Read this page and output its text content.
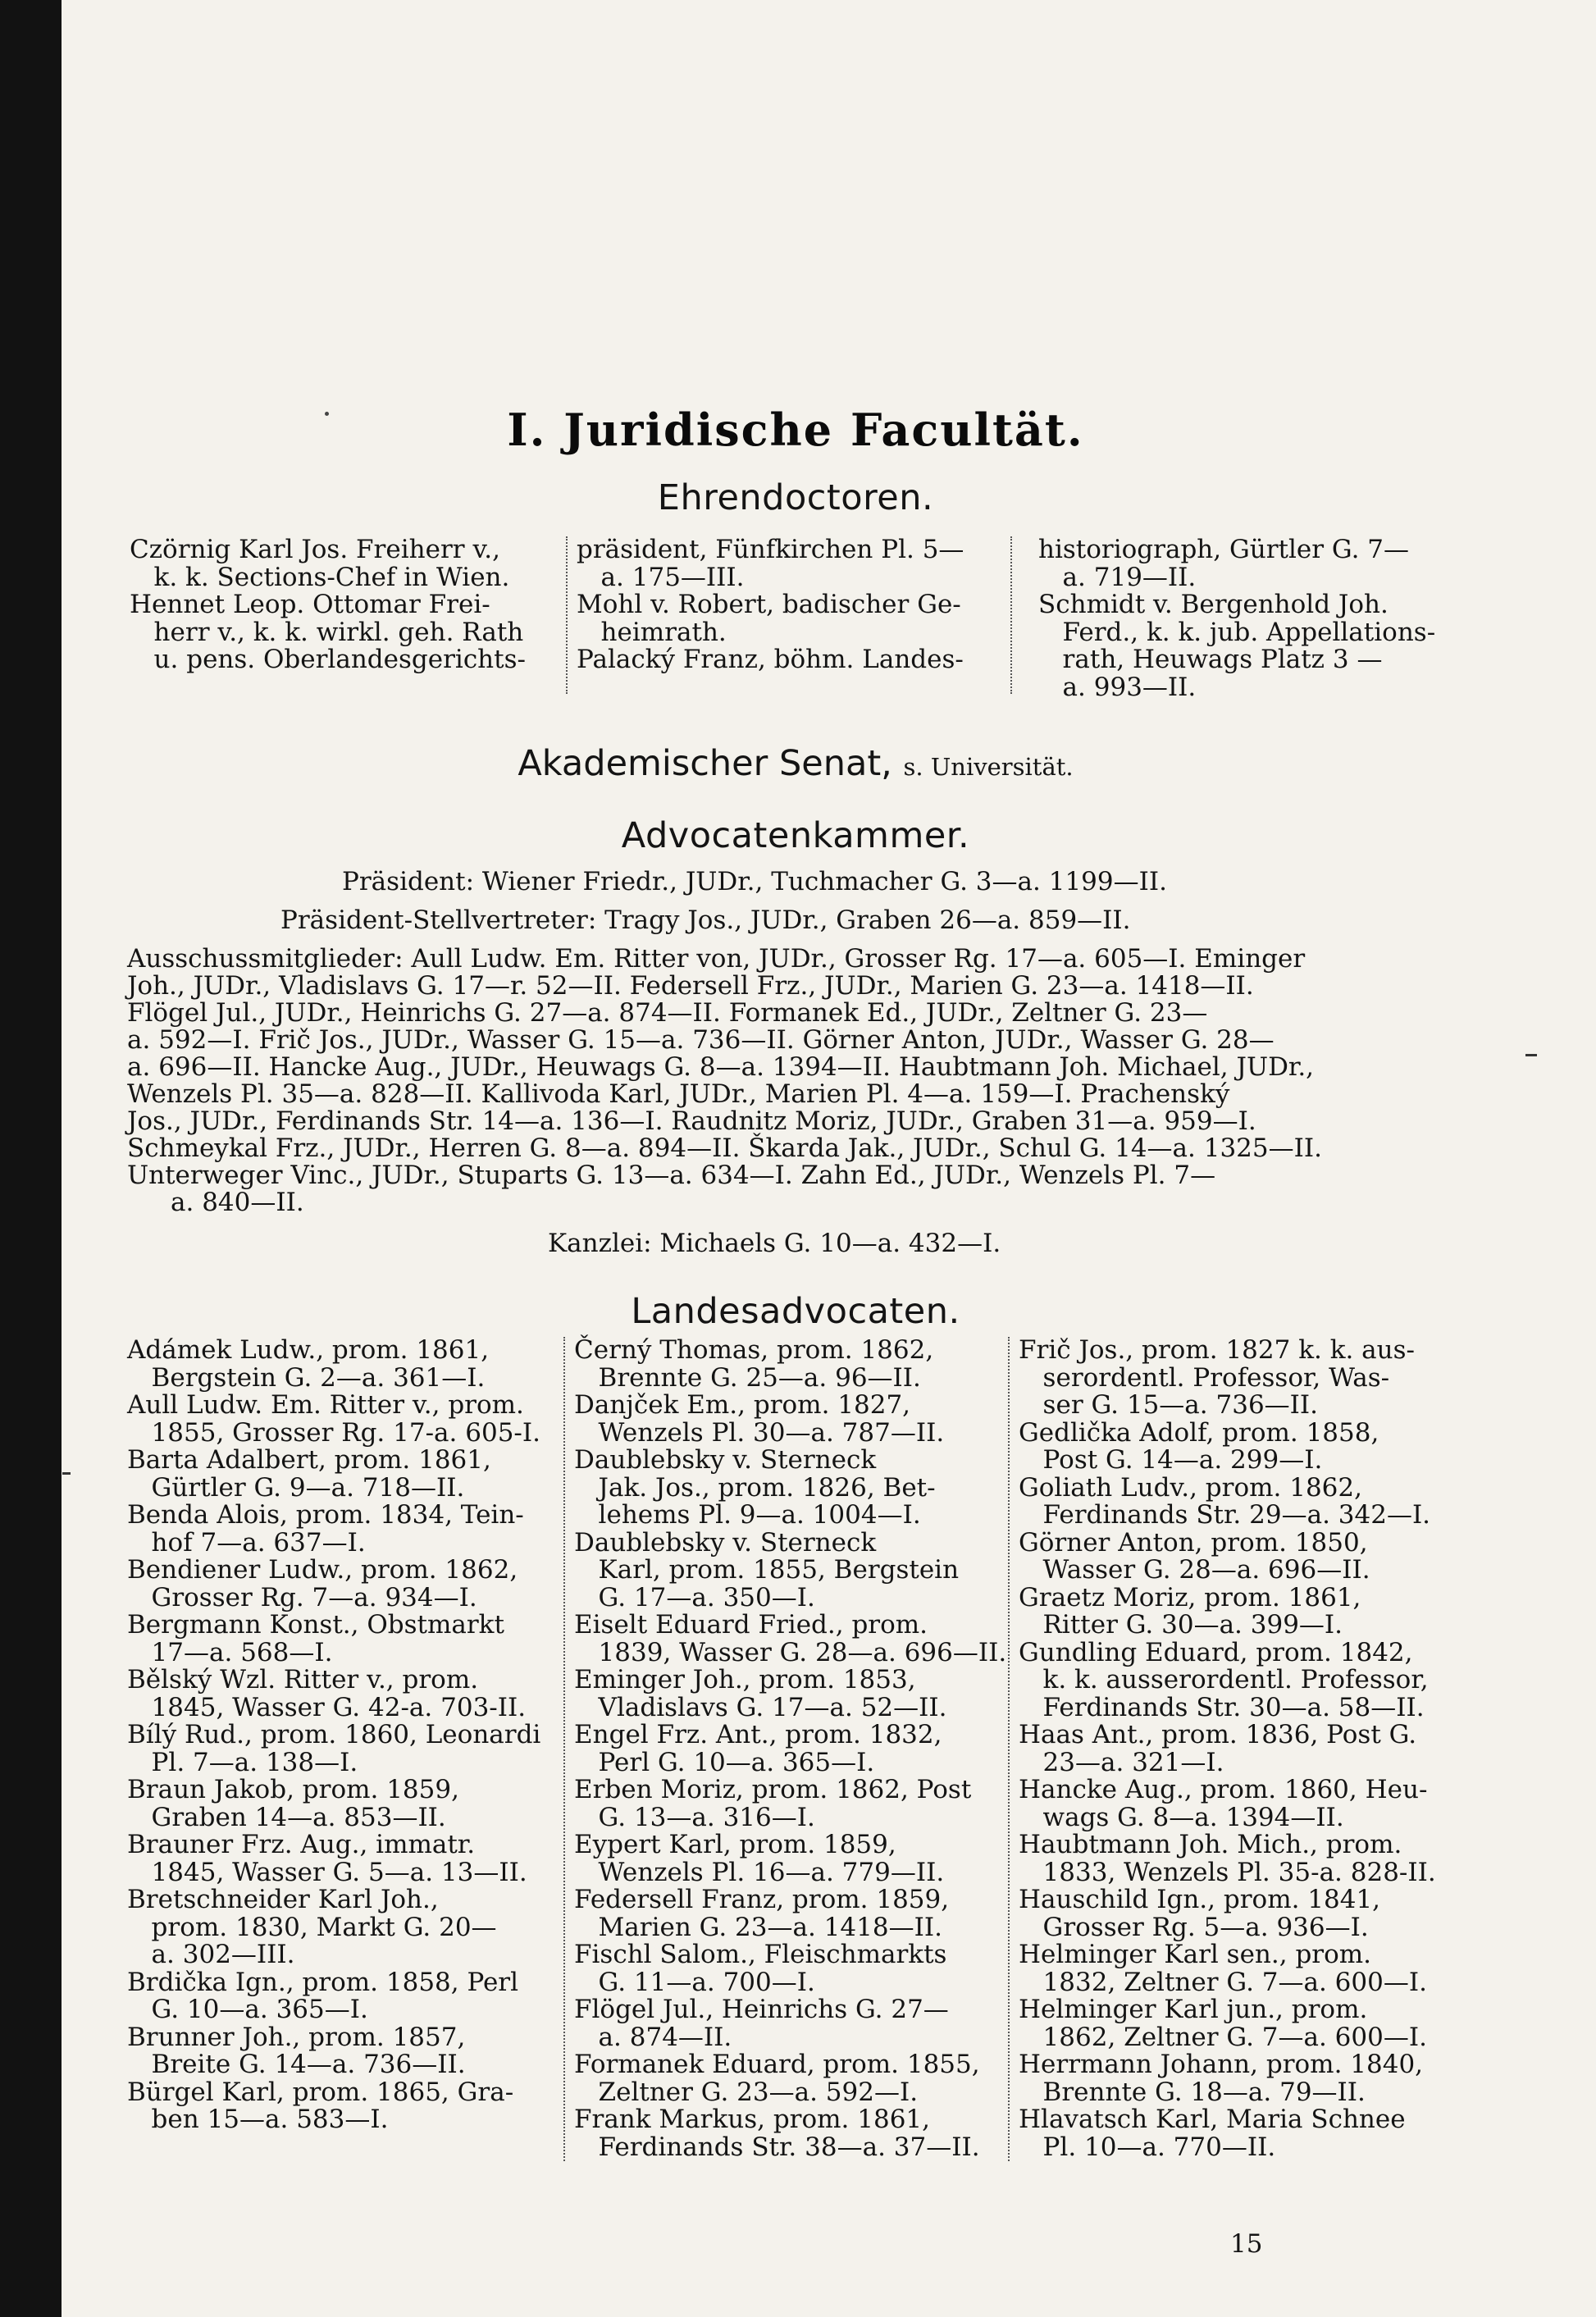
I. Juridische Facultät.
Ehrendoctoren.
Czörnig Karl Jos. Freiherr v.,
k. k. Sections-Chef in Wien.
Hennet Leop. Ottomar Frei-
herr v., k. k. wirkl. geh. Rath
u. pens. Oberlandesgerichts-
präsident, Fünfkirchen Pl. 5—
a. 175—III.
Mohl v. Robert, badischer Ge-
heimrath.
Palacký Franz, böhm. Landes-
historiograph, Gürtler G. 7—
a. 719—II.
Schmidt v. Bergenhold Joh.
Ferd., k. k. jub. Appellations-
rath, Heuwags Platz 3 —
a. 993—II.
Akademischer Senat, s. Universität.
Advocatenkammer.
Präsident: Wiener Friedr., JUDr., Tuchmacher G. 3—a. 1199—II.
Präsident-Stellvertreter: Tragy Jos., JUDr., Graben 26—a. 859—II.
Ausschussmitglieder: Aull Ludw. Em. Ritter von, JUDr., Grosser Rg. 17—a. 605—I. Eminger
Joh., JUDr., Vladislavs G. 17—r. 52—II. Federsell Frz., JUDr., Marien G. 23—a. 1418—II.
Flögel Jul., JUDr., Heinrichs G. 27—a. 874—II. Formanek Ed., JUDr., Zeltner G. 23—
a. 592—I. Frič Jos., JUDr., Wasser G. 15—a. 736—II. Görner Anton, JUDr., Wasser G. 28—
a. 696—II. Hancke Aug., JUDr., Heuwags G. 8—a. 1394—II. Haubtmann Joh. Michael, JUDr.,
Wenzels Pl. 35—a. 828—II. Kallivoda Karl, JUDr., Marien Pl. 4—a. 159—I. Prachenský
Jos., JUDr., Ferdinands Str. 14—a. 136—I. Raudnitz Moriz, JUDr., Graben 31—a. 959—I.
Schmeykal Frz., JUDr., Herren G. 8—a. 894—II. Škarda Jak., JUDr., Schul G. 14—a. 1325—II.
Unterweger Vinc., JUDr., Stuparts G. 13—a. 634—I. Zahn Ed., JUDr., Wenzels Pl. 7—
a. 840—II.
Kanzlei: Michaels G. 10—a. 432—I.
Landesadvocaten.
Adámek Ludw., prom. 1861,
Bergstein G. 2—a. 361—I.
Aull Ludw. Em. Ritter v., prom.
1855, Grosser Rg. 17-a. 605-I.
Barta Adalbert, prom. 1861,
Gürtler G. 9—a. 718—II.
Benda Alois, prom. 1834, Tein-
hof 7—a. 637—I.
Bendiener Ludw., prom. 1862,
Grosser Rg. 7—a. 934—I.
Bergmann Konst., Obstmarkt
17—a. 568—I.
Bělský Wzl. Ritter v., prom.
1845, Wasser G. 42-a. 703-II.
Bílý Rud., prom. 1860, Leonardi
Pl. 7—a. 138—I.
Braun Jakob, prom. 1859,
Graben 14—a. 853—II.
Brauner Frz. Aug., immatr.
1845, Wasser G. 5—a. 13—II.
Bretschneider Karl Joh.,
prom. 1830, Markt G. 20—
a. 302—III.
Brdička Ign., prom. 1858, Perl
G. 10—a. 365—I.
Brunner Joh., prom. 1857,
Breite G. 14—a. 736—II.
Bürgel Karl, prom. 1865, Gra-
ben 15—a. 583—I.
Černý Thomas, prom. 1862,
Brennte G. 25—a. 96—II.
Danjček Em., prom. 1827,
Wenzels Pl. 30—a. 787—II.
Daublebsky v. Sterneck
Jak. Jos., prom. 1826, Bet-
lehems Pl. 9—a. 1004—I.
Daublebsky v. Sterneck
Karl, prom. 1855, Bergstein
G. 17—a. 350—I.
Eiselt Eduard Fried., prom.
1839, Wasser G. 28—a. 696—II.
Eminger Joh., prom. 1853,
Vladislavs G. 17—a. 52—II.
Engel Frz. Ant., prom. 1832,
Perl G. 10—a. 365—I.
Erben Moriz, prom. 1862, Post
G. 13—a. 316—I.
Eypert Karl, prom. 1859,
Wenzels Pl. 16—a. 779—II.
Federsell Franz, prom. 1859,
Marien G. 23—a. 1418—II.
Fischl Salom., Fleischmarkts
G. 11—a. 700—I.
Flögel Jul., Heinrichs G. 27—
a. 874—II.
Formanek Eduard, prom. 1855,
Zeltner G. 23—a. 592—I.
Frank Markus, prom. 1861,
Ferdinands Str. 38—a. 37—II.
Frič Jos., prom. 1827 k. k. aus-
serordentl. Professor, Was-
ser G. 15—a. 736—II.
Gedlička Adolf, prom. 1858,
Post G. 14—a. 299—I.
Goliath Ludv., prom. 1862,
Ferdinands Str. 29—a. 342—I.
Görner Anton, prom. 1850,
Wasser G. 28—a. 696—II.
Graetz Moriz, prom. 1861,
Ritter G. 30—a. 399—I.
Gundling Eduard, prom. 1842,
k. k. ausserordentl. Professor,
Ferdinands Str. 30—a. 58—II.
Haas Ant., prom. 1836, Post G.
23—a. 321—I.
Hancke Aug., prom. 1860, Heu-
wags G. 8—a. 1394—II.
Haubtmann Joh. Mich., prom.
1833, Wenzels Pl. 35-a. 828-II.
Hauschild Ign., prom. 1841,
Grosser Rg. 5—a. 936—I.
Helminger Karl sen., prom.
1832, Zeltner G. 7—a. 600—I.
Helminger Karl jun., prom.
1862, Zeltner G. 7—a. 600—I.
Herrmann Johann, prom. 1840,
Brennte G. 18—a. 79—II.
Hlavatsch Karl, Maria Schnee
Pl. 10—a. 770—II.
15
